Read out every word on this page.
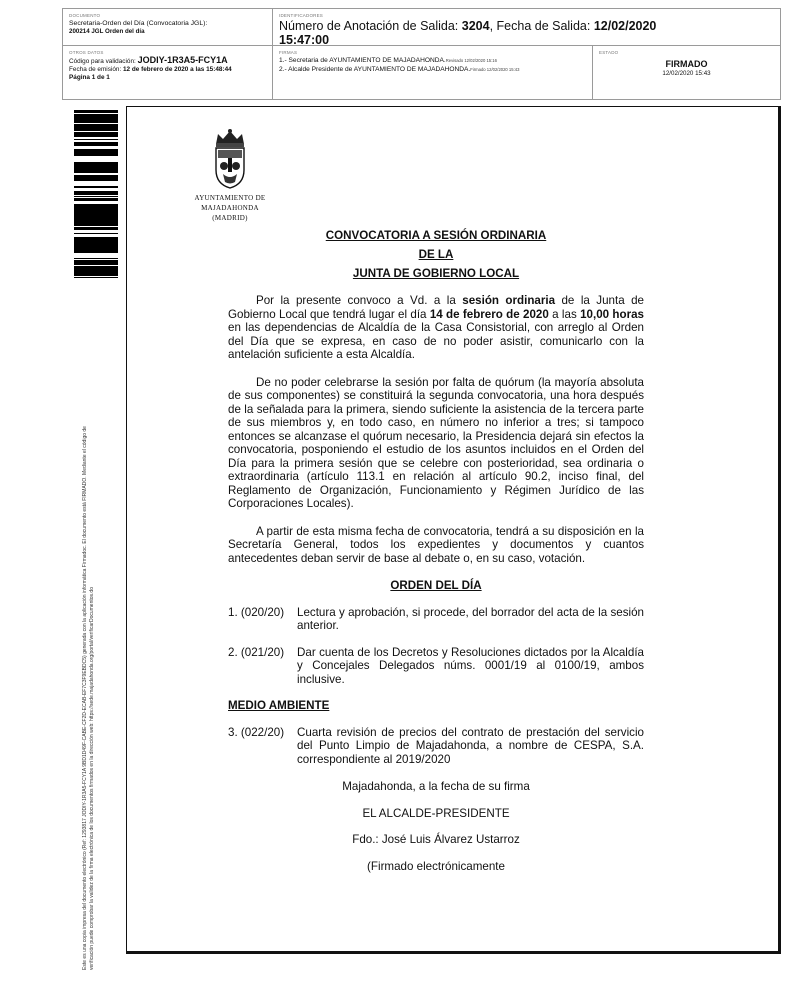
DOCUMENTO
Secretaria-Orden del Día (Convocatoria JGL):
200214 JGL Orden del día
IDENTIFICADORES
Número de Anotación de Salida: 3204, Fecha de Salida: 12/02/2020
15:47:00
OTROS DATOS
Código para validación: JODIY-1R3A5-FCY1A
Fecha de emisión: 12 de febrero de 2020 a las 15:48:44
Página 1 de 1
FIRMAS
1.- Secretaria de AYUNTAMIENTO DE MAJADAHONDA.Revisado 12/02/2020 15:16
2.- Alcalde Presidente de AYUNTAMIENTO DE MAJADAHONDA.Firmado 12/02/2020 15:43
ESTADO
FIRMADO
12/02/2020 15:43
Este es una copia impresa del documento electrónico (Ref: 1293817 JODIY-1R3A5-FCY1A 9BD1D49F-CABE-CF2D-ECAB-EF7C3F9EBDC5) generada con la aplicación informática Firmadoc. El documento está FIRMADO. Mediante el código de verificación puede comprobar la validez de la firma electrónica de los documentos firmados en la dirección web: https://sede.majadahonda.org/portal/verificarDocumentos.do
AYUNTAMIENTO DE
MAJADAHONDA
(MADRID)
CONVOCATORIA A SESIÓN ORDINARIA
DE LA
JUNTA DE GOBIERNO LOCAL

Por la presente convoco a Vd. a la sesión ordinaria de la Junta de Gobierno Local que tendrá lugar el día 14 de febrero de 2020 a las 10,00 horas en las dependencias de Alcaldía de la Casa Consistorial, con arreglo al Orden del Día que se expresa, en caso de no poder asistir, comunicarlo con la antelación suficiente a esta Alcaldía.

De no poder celebrarse la sesión por falta de quórum (la mayoría absoluta de sus componentes) se constituirá la segunda convocatoria, una hora después de la señalada para la primera, siendo suficiente la asistencia de la tercera parte de sus miembros y, en todo caso, en número no inferior a tres; si tampoco entonces se alcanzase el quórum necesario, la Presidencia dejará sin efectos la convocatoria, posponiendo el estudio de los asuntos incluidos en el Orden del Día para la primera sesión que se celebre con posterioridad, sea ordinaria o extraordinaria (artículo 113.1 en relación al artículo 90.2, inciso final, del Reglamento de Organización, Funcionamiento y Régimen Jurídico de las Corporaciones Locales).

A partir de esta misma fecha de convocatoria, tendrá a su disposición en la Secretaría General, todos los expedientes y documentos y cuantos antecedentes deban servir de base al debate o, en su caso, votación.

ORDEN DEL DÍA
1. (020/20)	Lectura y aprobación, si procede, del borrador del acta de la sesión anterior.
2. (021/20)	Dar cuenta de los Decretos y Resoluciones dictados por la Alcaldía y Concejales Delegados núms. 0001/19 al 0100/19, ambos inclusive.
MEDIO AMBIENTE
3. (022/20)	Cuarta revisión de precios del contrato de prestación del servicio del Punto Limpio de Majadahonda, a nombre de CESPA, S.A. correspondiente al 2019/2020
Majadahonda, a la fecha de su firma
EL ALCALDE-PRESIDENTE
Fdo.: José Luis Álvarez Ustarroz
(Firmado electrónicamente
